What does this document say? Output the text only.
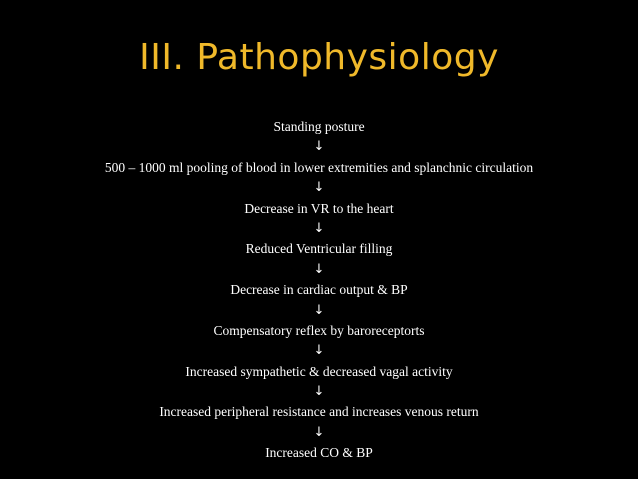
III. Pathophysiology
Standing posture
↓
500 – 1000 ml pooling of blood in lower extremities and splanchnic circulation
↓
Decrease in VR to the heart
↓
Reduced Ventricular filling
↓
Decrease in cardiac output & BP
↓
Compensatory reflex by baroreceptorts
↓
Increased sympathetic & decreased vagal activity
↓
Increased peripheral resistance and increases venous return
↓
Increased CO & BP
